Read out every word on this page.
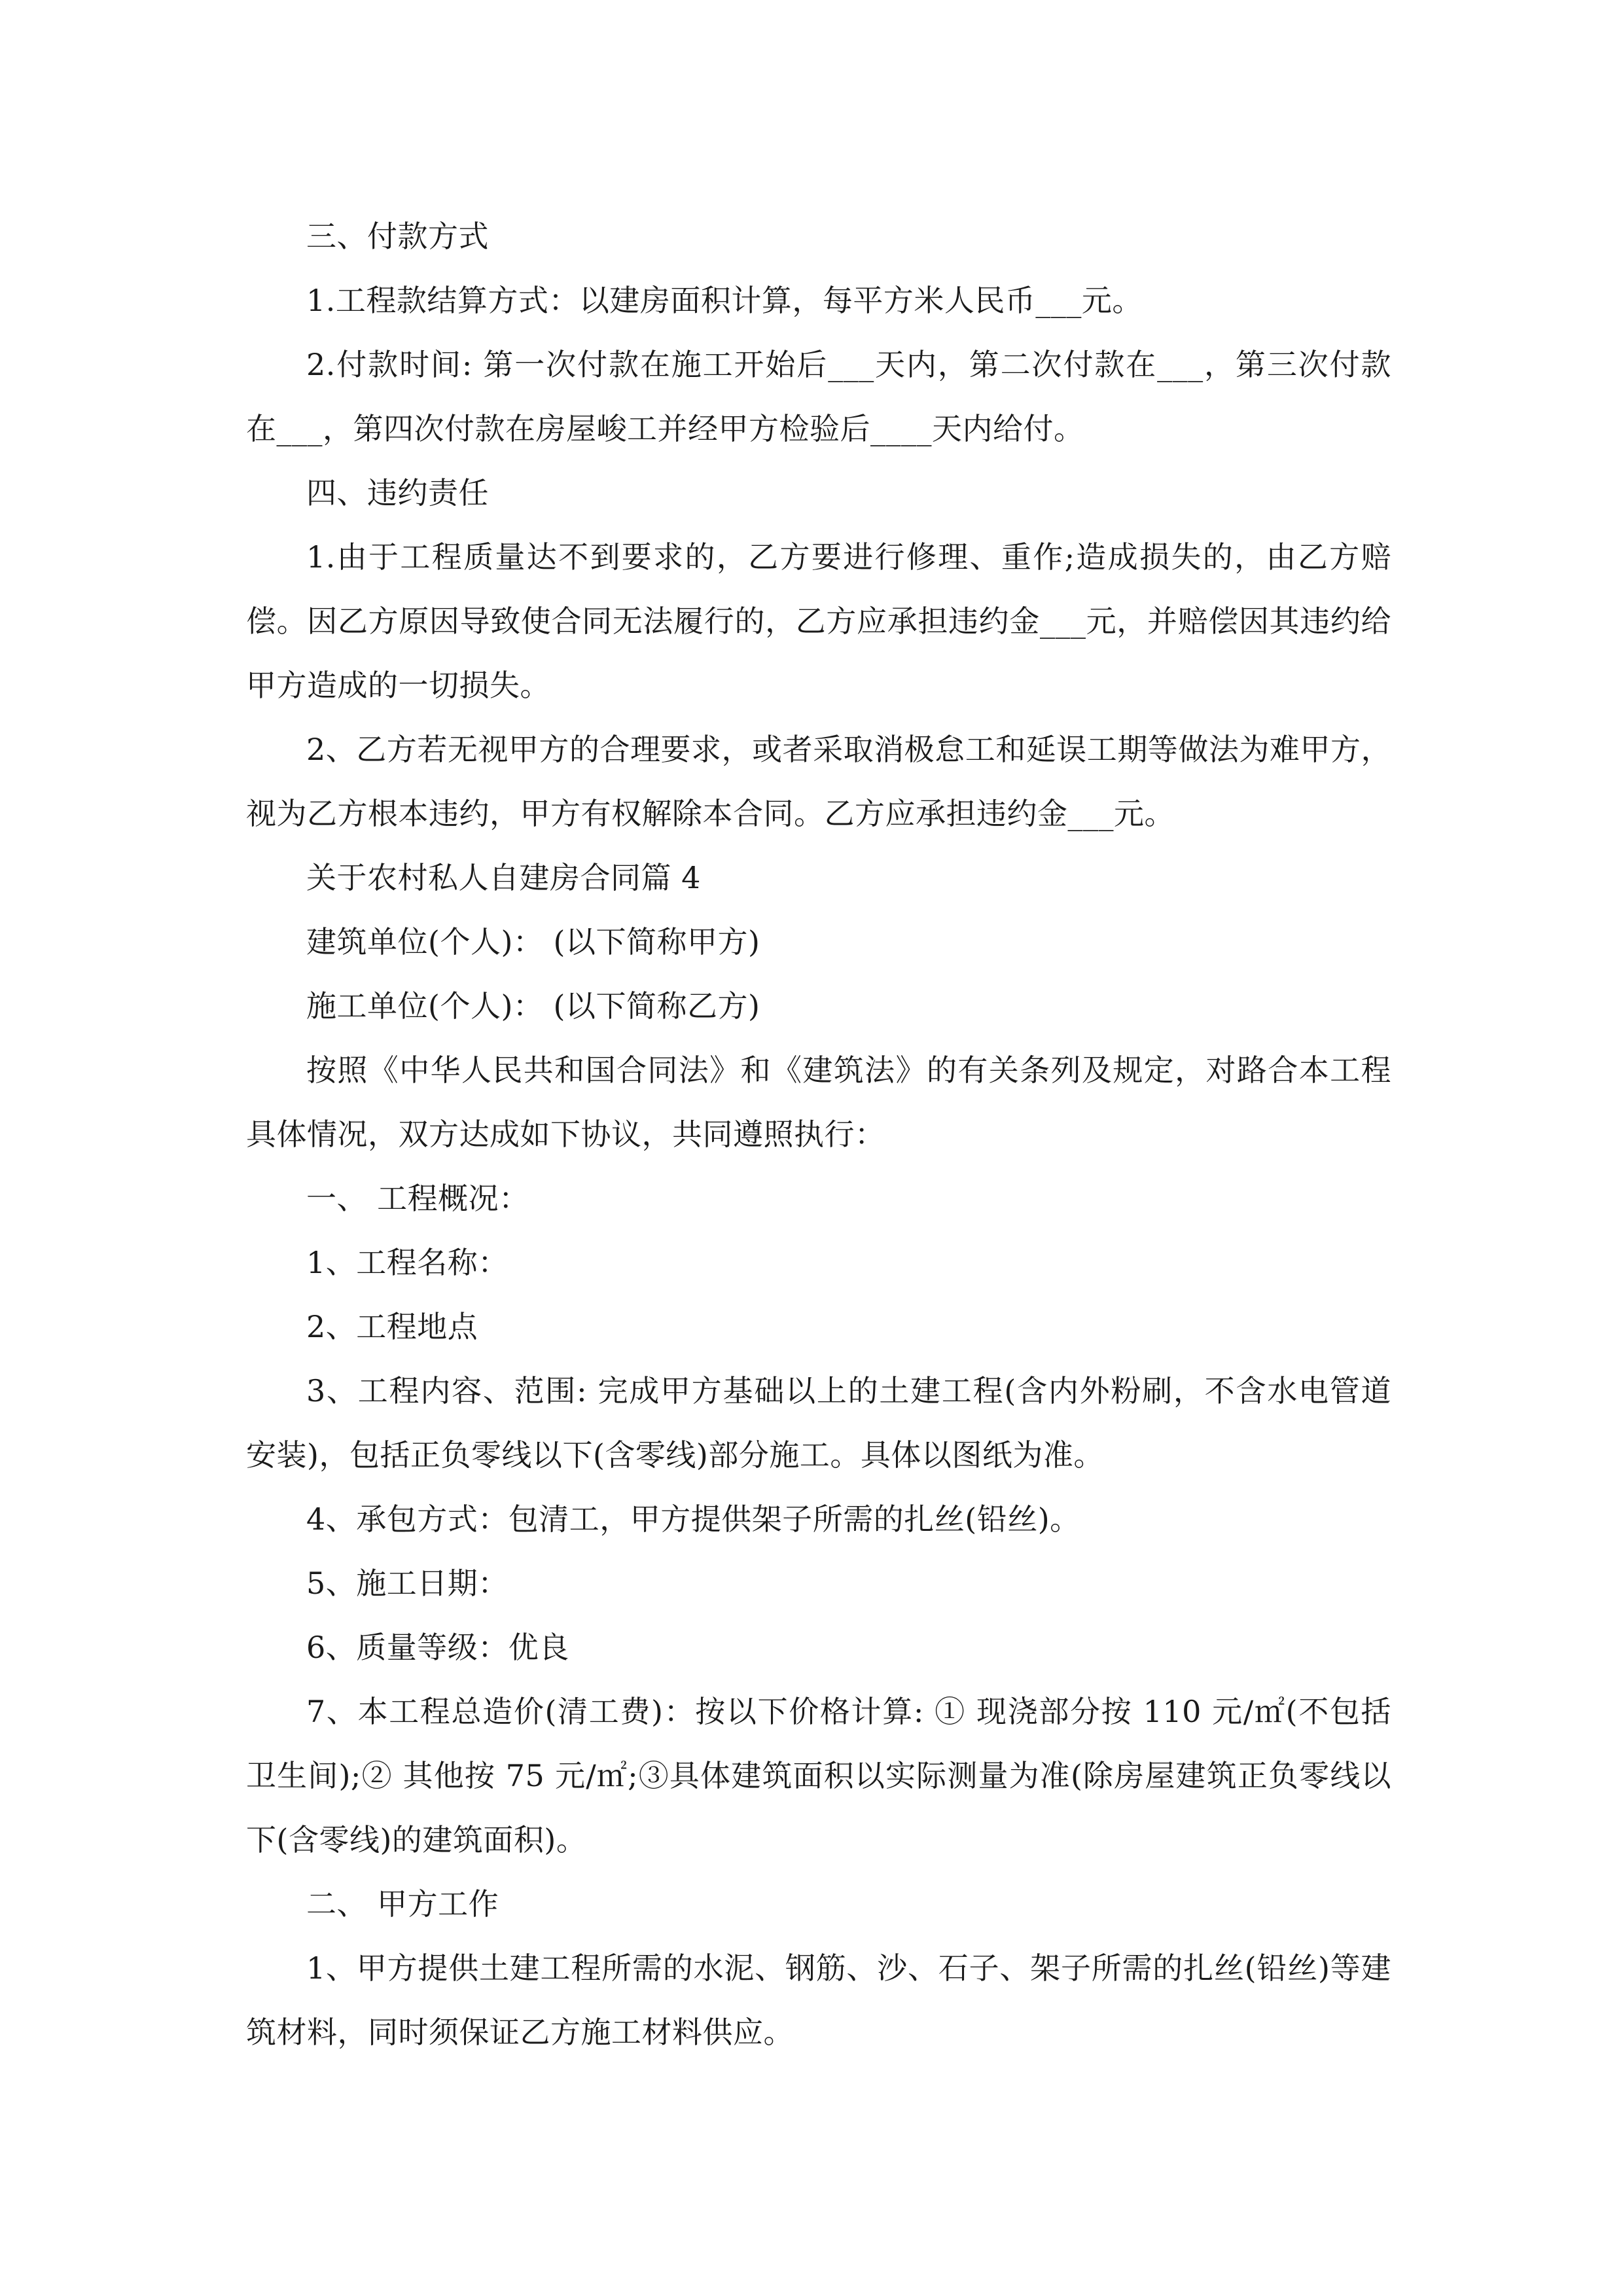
三、付款方式

1.工程款结算方式：以建房面积计算，每平方米人民币___元。

2.付款时间: 第一次付款在施工开始后___天内，第二次付款在___，第三次付款在___，第四次付款在房屋峻工并经甲方检验后____天内给付。

四、违约责任

1.由于工程质量达不到要求的，乙方要进行修理、重作;造成损失的，由乙方赔偿。因乙方原因导致使合同无法履行的，乙方应承担违约金___元，并赔偿因其违约给甲方造成的一切损失。

2、乙方若无视甲方的合理要求，或者采取消极怠工和延误工期等做法为难甲方，视为乙方根本违约，甲方有权解除本合同。乙方应承担违约金___元。

关于农村私人自建房合同篇 4

建筑单位(个人)： (以下简称甲方)

施工单位(个人)： (以下简称乙方)

按照《中华人民共和国合同法》和《建筑法》的有关条列及规定，对路合本工程具体情况，双方达成如下协议，共同遵照执行：

一、 工程概况：

1、工程名称：

2、工程地点

3、工程内容、范围: 完成甲方基础以上的土建工程(含内外粉刷，不含水电管道安装)，包括正负零线以下(含零线)部分施工。具体以图纸为准。

4、承包方式：包清工，甲方提供架子所需的扎丝(铅丝)。

5、施工日期：

6、质量等级：优良

7、本工程总造价(清工费)：按以下价格计算: ① 现浇部分按 110 元/㎡(不包括卫生间);② 其他按 75 元/㎡;③具体建筑面积以实际测量为准(除房屋建筑正负零线以下(含零线)的建筑面积)。

二、 甲方工作

1、甲方提供土建工程所需的水泥、钢筋、沙、石子、架子所需的扎丝(铅丝)等建筑材料，同时须保证乙方施工材料供应。
